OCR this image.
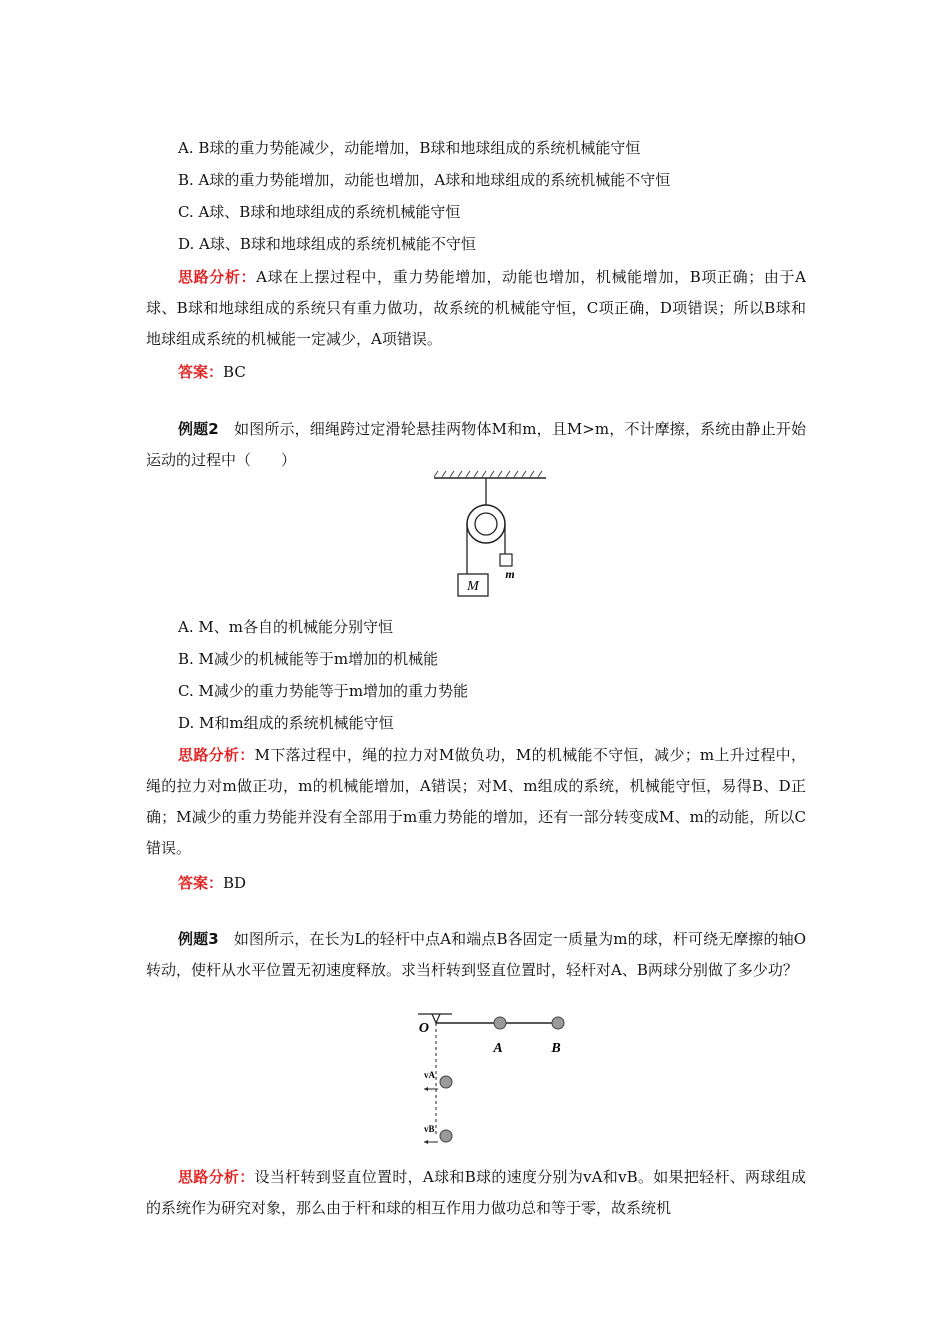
A. B球的重力势能减少，动能增加，B球和地球组成的系统机械能守恒
B. A球的重力势能增加，动能也增加，A球和地球组成的系统机械能不守恒
C. A球、B球和地球组成的系统机械能守恒
D. A球、B球和地球组成的系统机械能不守恒
思路分析：A球在上摆过程中，重力势能增加，动能也增加，机械能增加，B项正确；由于A球、B球和地球组成的系统只有重力做功，故系统的机械能守恒，C项正确，D项错误；所以B球和地球组成系统的机械能一定减少，A项错误。
答案：BC
例题2　 如图所示，细绳跨过定滑轮悬挂两物体M和m，且M>m，不计摩擦，系统由静止开始运动的过程中（　　）
M
m
A. M、m各自的机械能分别守恒
B. M减少的机械能等于m增加的机械能
C. M减少的重力势能等于m增加的重力势能
D. M和m组成的系统机械能守恒
思路分析：M下落过程中，绳的拉力对M做负功，M的机械能不守恒，减少；m上升过程中，绳的拉力对m做正功，m的机械能增加，A错误；对M、m组成的系统，机械能守恒，易得B、D正确；M减少的重力势能并没有全部用于m重力势能的增加，还有一部分转变成M、m的动能，所以C错误。
答案：BD
例题3　 如图所示，在长为L的轻杆中点A和端点B各固定一质量为m的球，杆可绕无摩擦的轴O转动，使杆从水平位置无初速度释放。求当杆转到竖直位置时，轻杆对A、B两球分别做了多少功？
O
A	B
vA
vB
思路分析：设当杆转到竖直位置时，A球和B球的速度分别为vA和vB。如果把轻杆、两球组成的系统作为研究对象，那么由于杆和球的相互作用力做功总和等于零，故系统机
